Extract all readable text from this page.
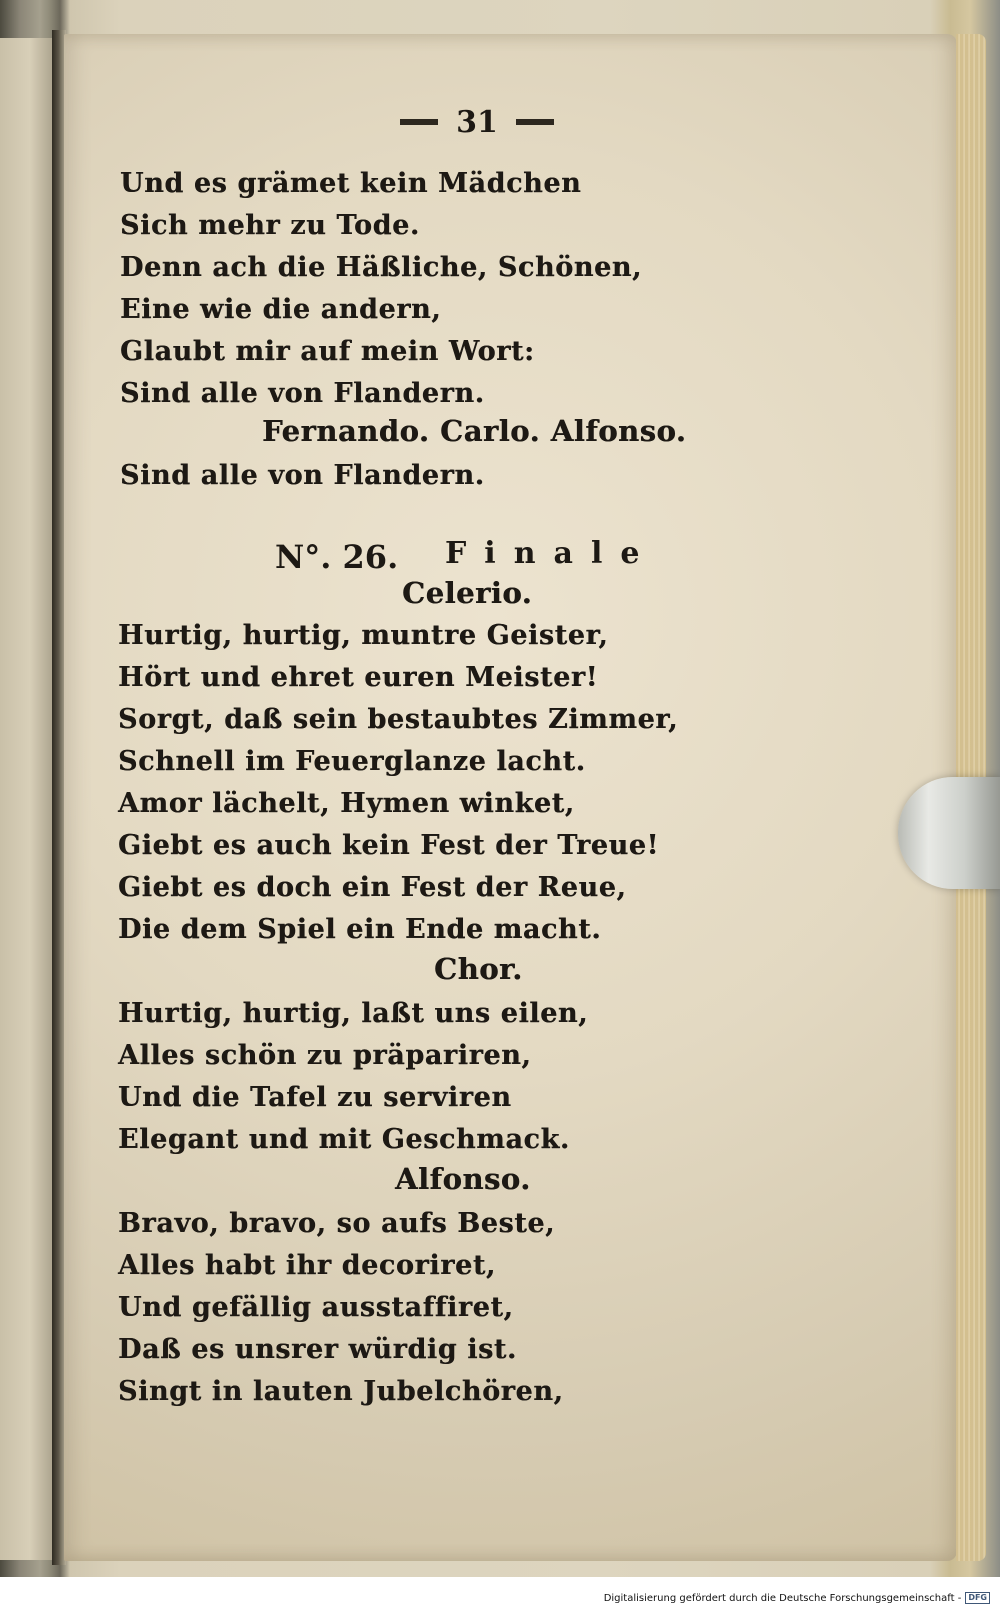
31
Und es grämet kein Mädchen
Sich mehr zu Tode.
Denn ach die Häßliche, Schönen,
Eine wie die andern,
Glaubt mir auf mein Wort:
Sind alle von Flandern.
Fernando. Carlo. Alfonso.
Sind alle von Flandern.
Celerio.
Hurtig, hurtig, muntre Geister,
Hört und ehret euren Meister!
Sorgt, daß sein bestaubtes Zimmer,
Schnell im Feuerglanze lacht.
Amor lächelt, Hymen winket,
Giebt es auch kein Fest der Treue!
Giebt es doch ein Fest der Reue,
Die dem Spiel ein Ende macht.
Chor.
Hurtig, hurtig, laßt uns eilen,
Alles schön zu präpariren,
Und die Tafel zu serviren
Elegant und mit Geschmack.
Alfonso.
Bravo, bravo, so aufs Beste,
Alles habt ihr decoriret,
Und gefällig ausstaffiret,
Daß es unsrer würdig ist.
Singt in lauten Jubelchören,
N°. 26. Finale
Digitalisierung gefördert durch die Deutsche Forschungsgemeinschaft - DFG
